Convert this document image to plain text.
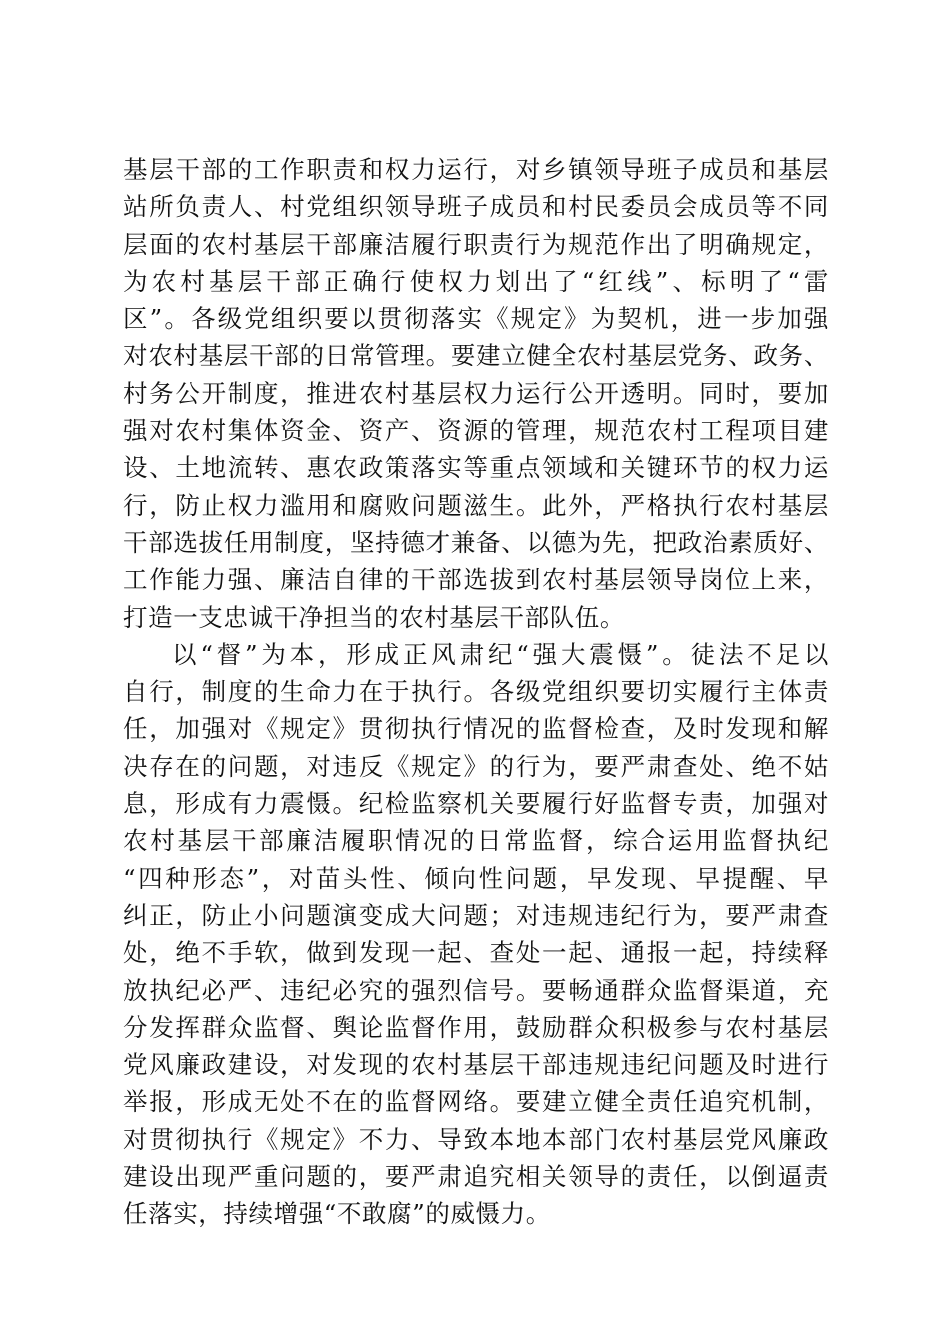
基层干部的工作职责和权力运行，对乡镇领导班子成员和基层
站所负责人、村党组织领导班子成员和村民委员会成员等不同
层面的农村基层干部廉洁履行职责行为规范作出了明确规定，
为农村基层干部正确行使权力划出了“红线”、标明了“雷
区”。各级党组织要以贯彻落实《规定》为契机，进一步加强
对农村基层干部的日常管理。要建立健全农村基层党务、政务、
村务公开制度，推进农村基层权力运行公开透明。同时，要加
强对农村集体资金、资产、资源的管理，规范农村工程项目建
设、土地流转、惠农政策落实等重点领域和关键环节的权力运
行，防止权力滥用和腐败问题滋生。此外，严格执行农村基层
干部选拔任用制度，坚持德才兼备、以德为先，把政治素质好、
工作能力强、廉洁自律的干部选拔到农村基层领导岗位上来，
打造一支忠诚干净担当的农村基层干部队伍。
以“督”为本，形成正风肃纪“强大震慑”。徒法不足以
自行，制度的生命力在于执行。各级党组织要切实履行主体责
任，加强对《规定》贯彻执行情况的监督检查，及时发现和解
决存在的问题，对违反《规定》的行为，要严肃查处、绝不姑
息，形成有力震慑。纪检监察机关要履行好监督专责，加强对
农村基层干部廉洁履职情况的日常监督，综合运用监督执纪
“四种形态”，对苗头性、倾向性问题，早发现、早提醒、早
纠正，防止小问题演变成大问题；对违规违纪行为，要严肃查
处，绝不手软，做到发现一起、查处一起、通报一起，持续释
放执纪必严、违纪必究的强烈信号。要畅通群众监督渠道，充
分发挥群众监督、舆论监督作用，鼓励群众积极参与农村基层
党风廉政建设，对发现的农村基层干部违规违纪问题及时进行
举报，形成无处不在的监督网络。要建立健全责任追究机制，
对贯彻执行《规定》不力、导致本地本部门农村基层党风廉政
建设出现严重问题的，要严肃追究相关领导的责任，以倒逼责
任落实，持续增强“不敢腐”的威慑力。
